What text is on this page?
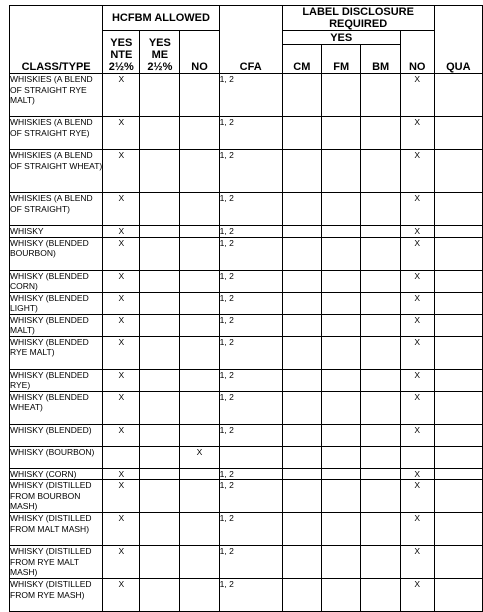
CLASS/TYPE	HCFBM ALLOWED			CFA	LABEL DISCLOSURE REQUIRED				QUA
	YES NTE 2½%	YES ME 2½%	NO		YES			NO	
					CM	FM	BM		
WHISKIES (A BLEND OF STRAIGHT RYE MALT)	X			1, 2				X	
WHISKIES (A BLEND OF STRAIGHT RYE)	X			1, 2				X	
WHISKIES (A BLEND OF STRAIGHT WHEAT)	X			1, 2				X	
WHISKIES (A BLEND OF STRAIGHT)	X			1, 2				X	
WHISKY	X			1, 2				X	
WHISKY (BLENDED BOURBON)	X			1, 2				X	
WHISKY (BLENDED CORN)	X			1, 2				X	
WHISKY (BLENDED LIGHT)	X			1, 2				X	
WHISKY (BLENDED MALT)	X			1, 2				X	
WHISKY (BLENDED RYE MALT)	X			1, 2				X	
WHISKY (BLENDED RYE)	X			1, 2				X	
WHISKY (BLENDED WHEAT)	X			1, 2				X	
WHISKY (BLENDED)	X			1, 2				X	
WHISKY (BOURBON)			X						
WHISKY (CORN)	X			1, 2				X	
WHISKY (DISTILLED FROM BOURBON MASH)	X			1, 2				X	
WHISKY (DISTILLED FROM MALT MASH)	X			1, 2				X	
WHISKY (DISTILLED FROM RYE MALT MASH)	X			1, 2				X	
WHISKY (DISTILLED FROM RYE MASH)	X			1, 2				X	
